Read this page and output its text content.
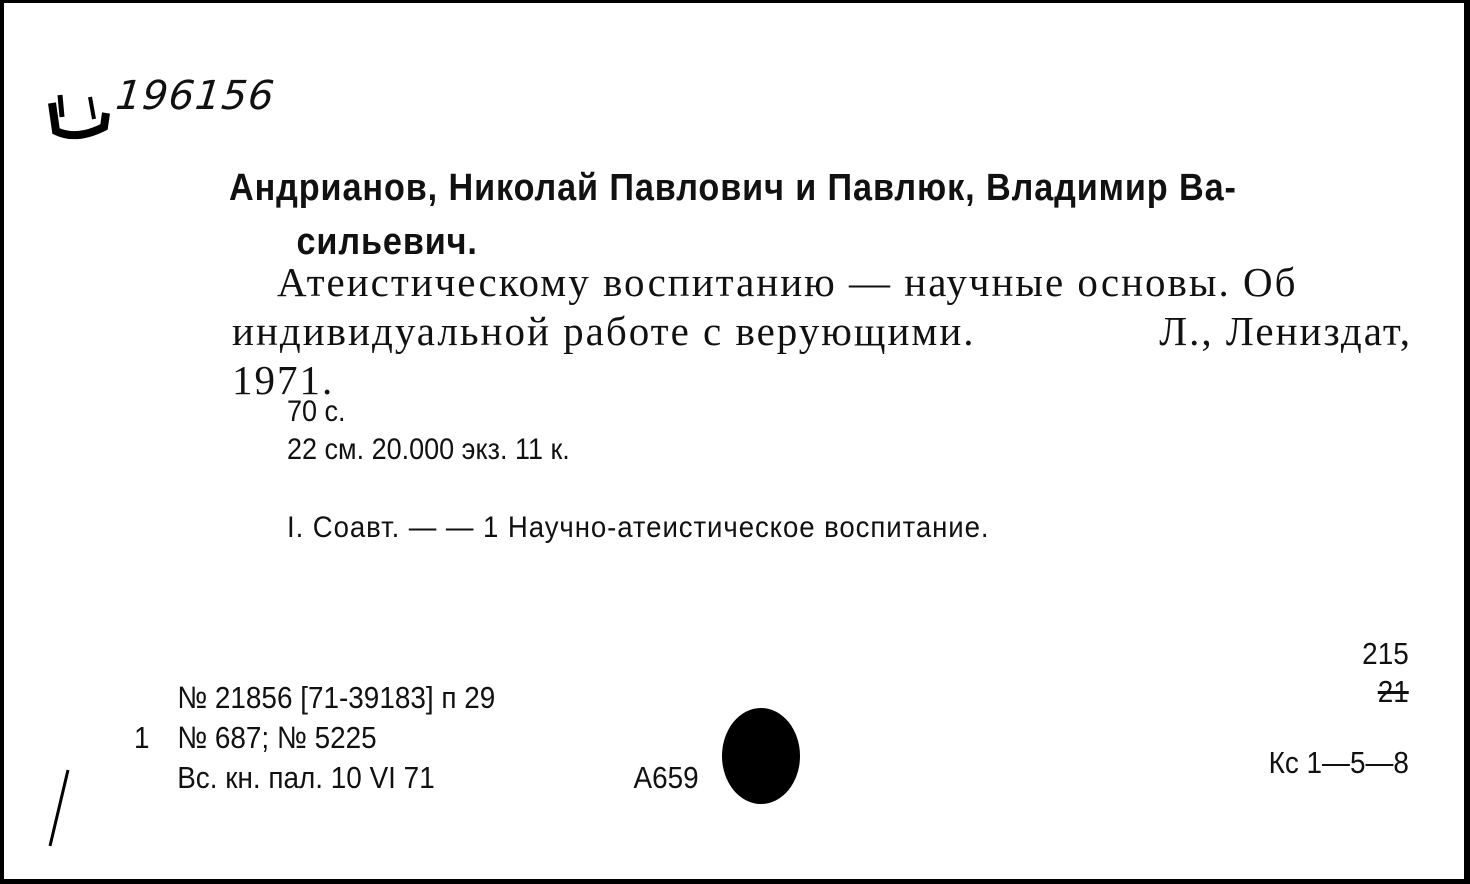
196156
Андрианов, Николай Павлович и Павлюк, Владимир Ва-
сильевич.
Атеистическому воспитанию — научные основы. Об
индивидуальной работе с верующими.	Л., Лениздат,
1971.
70 с.
22 см. 20.000 экз. 11 к.
I. Соавт. — — 1 Научно-атеистическое воспитание.
№ 21856 [71-39183] п 29
1 № 687; № 5225
Вс. кн. пал. 10 VI 71	А659
215
21
Кс 1—5—8
